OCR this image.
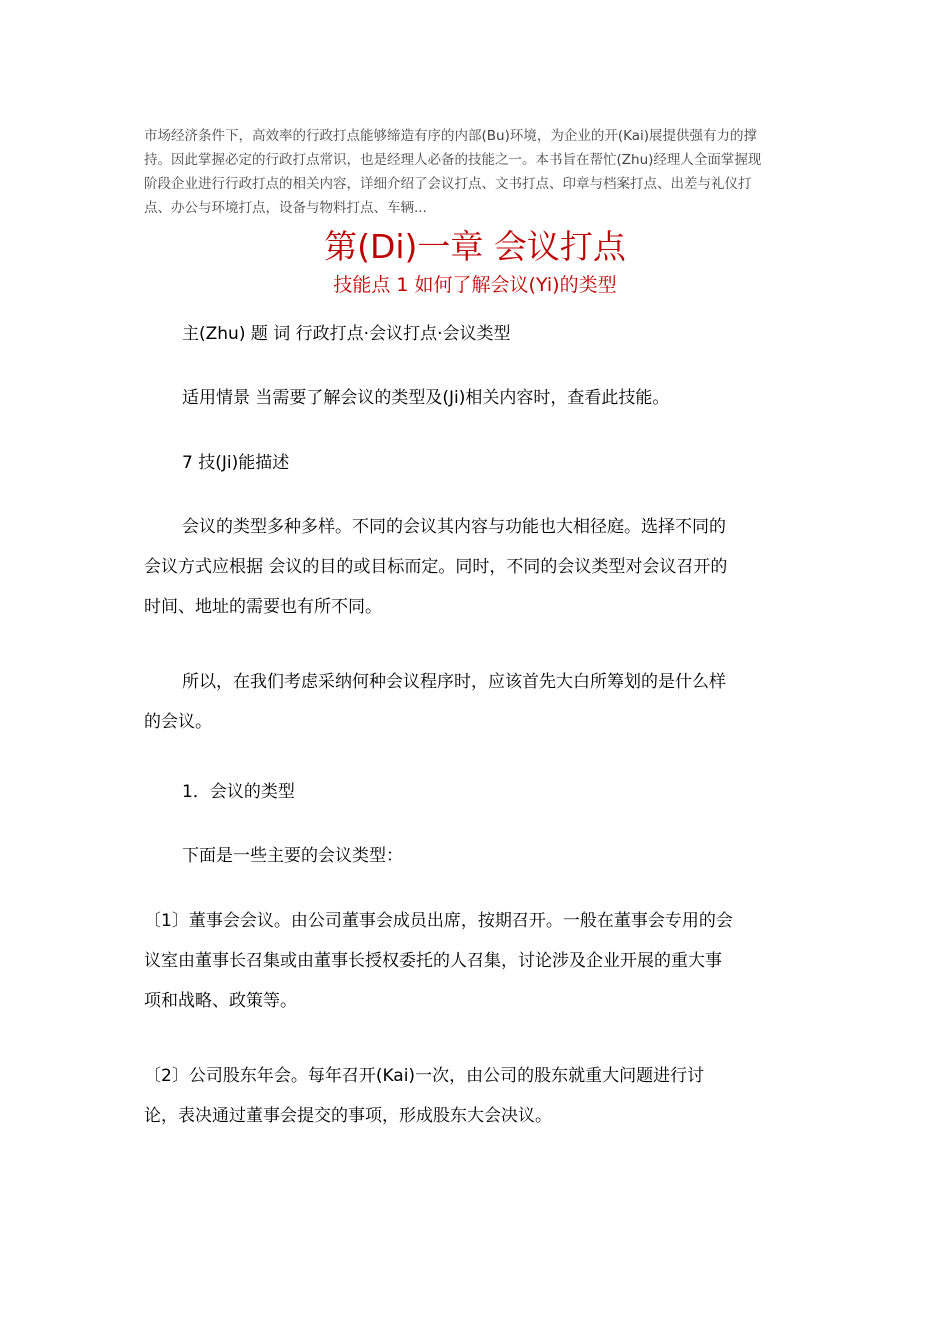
市场经济条件下，高效率的行政打点能够缔造有序的内部(Bu)环境，为企业的开(Kai)展提供强有力的撑
持。因此掌握必定的行政打点常识，也是经理人必备的技能之一。本书旨在帮忙(Zhu)经理人全面掌握现
阶段企业进行行政打点的相关内容，详细介绍了会议打点、文书打点、印章与档案打点、出差与礼仪打
点、办公与环境打点，设备与物料打点、车辆...
第(Di)一章 会议打点
技能点 1 如何了解会议(Yi)的类型
主(Zhu) 题 词 行政打点·会议打点·会议类型
适用情景 当需要了解会议的类型及(Ji)相关内容时，查看此技能。
7 技(Ji)能描述
会议的类型多种多样。不同的会议其内容与功能也大相径庭。选择不同的
会议方式应根据 会议的目的或目标而定。同时，不同的会议类型对会议召开的
时间、地址的需要也有所不同。
所以，在我们考虑采纳何种会议程序时，应该首先大白所筹划的是什么样
的会议。
1．会议的类型
下面是一些主要的会议类型：
〔1〕董事会会议。由公司董事会成员出席，按期召开。一般在董事会专用的会
议室由董事长召集或由董事长授权委托的人召集，讨论涉及企业开展的重大事
项和战略、政策等。
〔2〕公司股东年会。每年召开(Kai)一次，由公司的股东就重大问题进行讨
论，表决通过董事会提交的事项，形成股东大会决议。
